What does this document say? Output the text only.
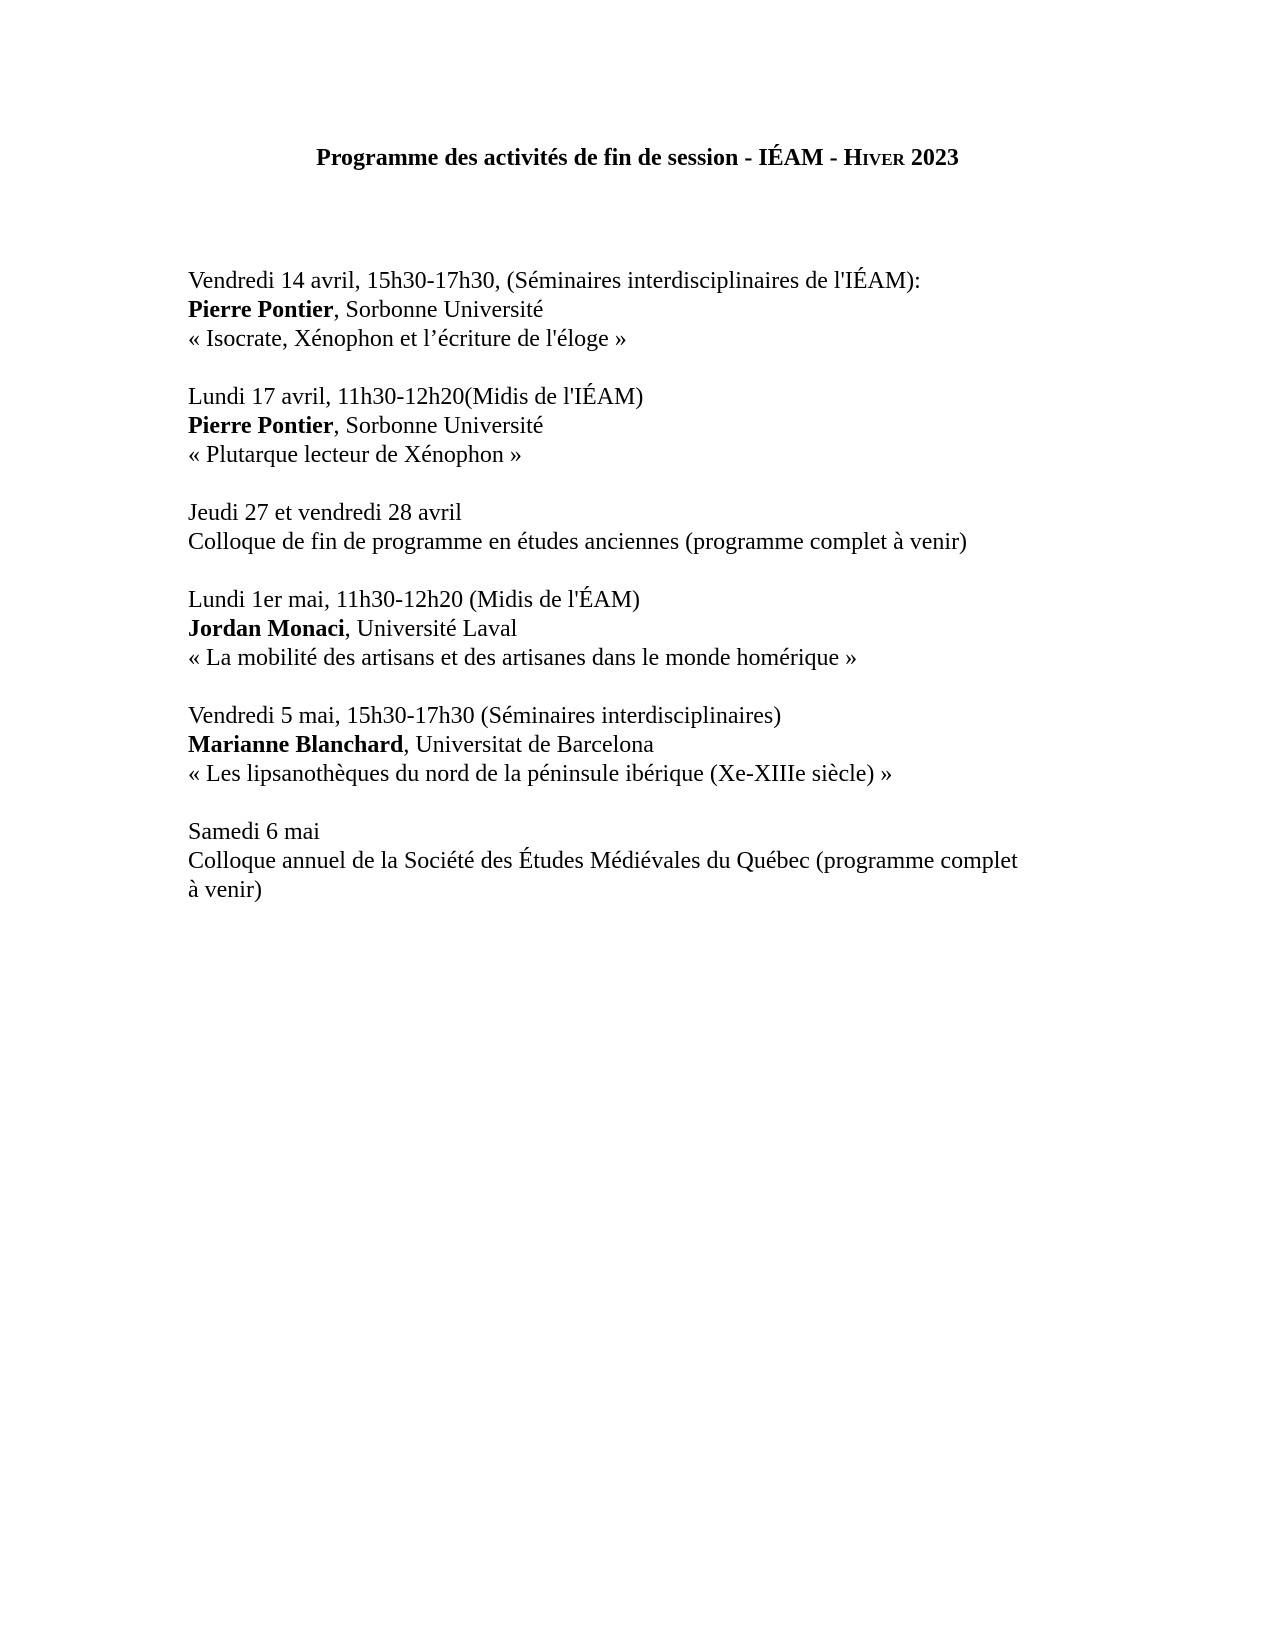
Programme des activités de fin de session - IÉAM - Hiver 2023
Vendredi 14 avril, 15h30-17h30, (Séminaires interdisciplinaires de l'IÉAM):
Pierre Pontier, Sorbonne Université
« Isocrate, Xénophon et l’écriture de l'éloge »
Lundi 17 avril, 11h30-12h20(Midis de l'IÉAM)
Pierre Pontier, Sorbonne Université
« Plutarque lecteur de Xénophon »
Jeudi 27 et vendredi 28 avril
Colloque de fin de programme en études anciennes (programme complet à venir)
Lundi 1er mai, 11h30-12h20 (Midis de l'ÉAM)
Jordan Monaci, Université Laval
« La mobilité des artisans et des artisanes dans le monde homérique »
Vendredi 5 mai, 15h30-17h30 (Séminaires interdisciplinaires)
Marianne Blanchard, Universitat de Barcelona
« Les lipsanothèques du nord de la péninsule ibérique (Xe-XIIIe siècle) »
Samedi 6 mai
Colloque annuel de la Société des Études Médiévales du Québec (programme complet à venir)
